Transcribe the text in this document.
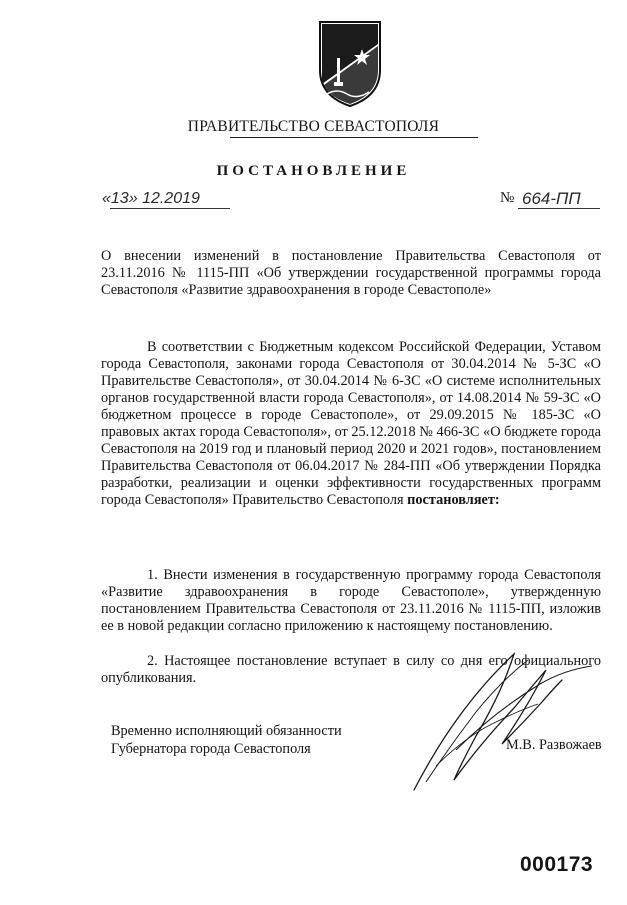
ПРАВИТЕЛЬСТВО СЕВАСТОПОЛЯ
ПОСТАНОВЛЕНИЕ
«13» 12.2019	№ 664-ПП
О внесении изменений в постановление Правительства Севастополя от 23.11.2016 № 1115-ПП «Об утверждении государственной программы города Севастополя «Развитие здравоохранения в городе Севастополе»
В соответствии с Бюджетным кодексом Российской Федерации, Уставом города Севастополя, законами города Севастополя от 30.04.2014 № 5-ЗС «О Правительстве Севастополя», от 30.04.2014 № 6-ЗС «О системе исполнительных органов государственной власти города Севастополя», от 14.08.2014 № 59-ЗС «О бюджетном процессе в городе Севастополе», от 29.09.2015 № 185-ЗС «О правовых актах города Севастополя», от 25.12.2018 № 466-ЗС «О бюджете города Севастополя на 2019 год и плановый период 2020 и 2021 годов», постановлением Правительства Севастополя от 06.04.2017 № 284-ПП «Об утверждении Порядка разработки, реализации и оценки эффективности государственных программ города Севастополя» Правительство Севастополя постановляет:
1. Внести изменения в государственную программу города Севастополя «Развитие здравоохранения в городе Севастополе», утвержденную постановлением Правительства Севастополя от 23.11.2016 № 1115-ПП, изложив ее в новой редакции согласно приложению к настоящему постановлению.
2. Настоящее постановление вступает в силу со дня его официального опубликования.
Временно исполняющий обязанности
Губернатора города Севастополя	М.В. Развожаев
000173
